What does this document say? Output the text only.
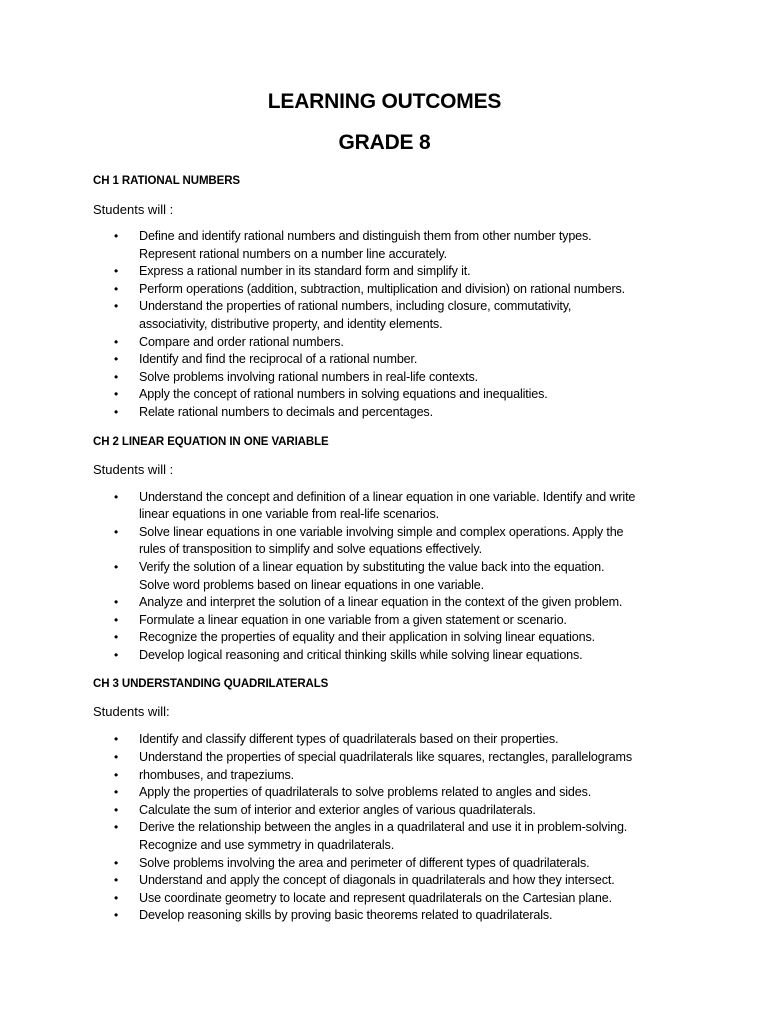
LEARNING OUTCOMES
GRADE 8

CH 1 RATIONAL NUMBERS

Students will :

• Define and identify rational numbers and distinguish them from other number types.
Represent rational numbers on a number line accurately.
• Express a rational number in its standard form and simplify it.
• Perform operations (addition, subtraction, multiplication and division) on rational numbers.
• Understand the properties of rational numbers, including closure, commutativity,
associativity, distributive property, and identity elements.
• Compare and order rational numbers.
• Identify and find the reciprocal of a rational number.
• Solve problems involving rational numbers in real-life contexts.
• Apply the concept of rational numbers in solving equations and inequalities.
• Relate rational numbers to decimals and percentages.

CH 2 LINEAR EQUATION IN ONE VARIABLE

Students will :

• Understand the concept and definition of a linear equation in one variable. Identify and write
linear equations in one variable from real-life scenarios.
• Solve linear equations in one variable involving simple and complex operations. Apply the
rules of transposition to simplify and solve equations effectively.
• Verify the solution of a linear equation by substituting the value back into the equation.
Solve word problems based on linear equations in one variable.
• Analyze and interpret the solution of a linear equation in the context of the given problem.
• Formulate a linear equation in one variable from a given statement or scenario.
• Recognize the properties of equality and their application in solving linear equations.
• Develop logical reasoning and critical thinking skills while solving linear equations.

CH 3 UNDERSTANDING QUADRILATERALS

Students will:

• Identify and classify different types of quadrilaterals based on their properties.
• Understand the properties of special quadrilaterals like squares, rectangles, parallelograms
• rhombuses, and trapeziums.
• Apply the properties of quadrilaterals to solve problems related to angles and sides.
• Calculate the sum of interior and exterior angles of various quadrilaterals.
• Derive the relationship between the angles in a quadrilateral and use it in problem-solving.
Recognize and use symmetry in quadrilaterals.
• Solve problems involving the area and perimeter of different types of quadrilaterals.
• Understand and apply the concept of diagonals in quadrilaterals and how they intersect.
• Use coordinate geometry to locate and represent quadrilaterals on the Cartesian plane.
• Develop reasoning skills by proving basic theorems related to quadrilaterals.
